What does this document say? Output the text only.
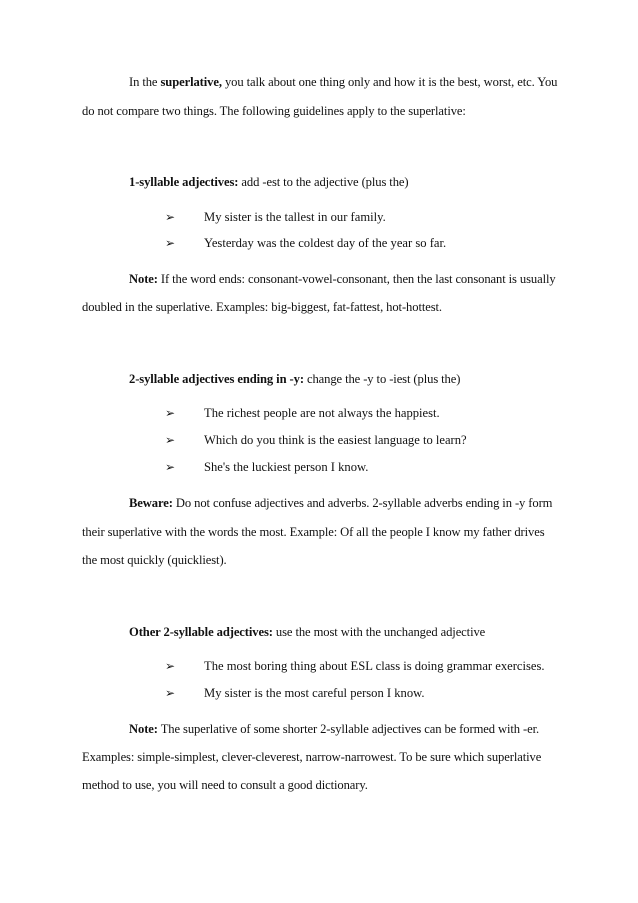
In the superlative, you talk about one thing only and how it is the best, worst, etc. You
do not compare two things. The following guidelines apply to the superlative:
1-syllable adjectives: add -est to the adjective (plus the)
➢ My sister is the tallest in our family.
➢ Yesterday was the coldest day of the year so far.
Note: If the word ends: consonant-vowel-consonant, then the last consonant is usually
doubled in the superlative. Examples: big-biggest, fat-fattest, hot-hottest.
2-syllable adjectives ending in -y: change the -y to -iest (plus the)
➢ The richest people are not always the happiest.
➢ Which do you think is the easiest language to learn?
➢ She's the luckiest person I know.
Beware: Do not confuse adjectives and adverbs. 2-syllable adverbs ending in -y form
their superlative with the words the most. Example: Of all the people I know my father drives
the most quickly (quickliest).
Other 2-syllable adjectives: use the most with the unchanged adjective
➢ The most boring thing about ESL class is doing grammar exercises.
➢ My sister is the most careful person I know.
Note: The superlative of some shorter 2-syllable adjectives can be formed with -er.
Examples: simple-simplest, clever-cleverest, narrow-narrowest. To be sure which superlative
method to use, you will need to consult a good dictionary.
